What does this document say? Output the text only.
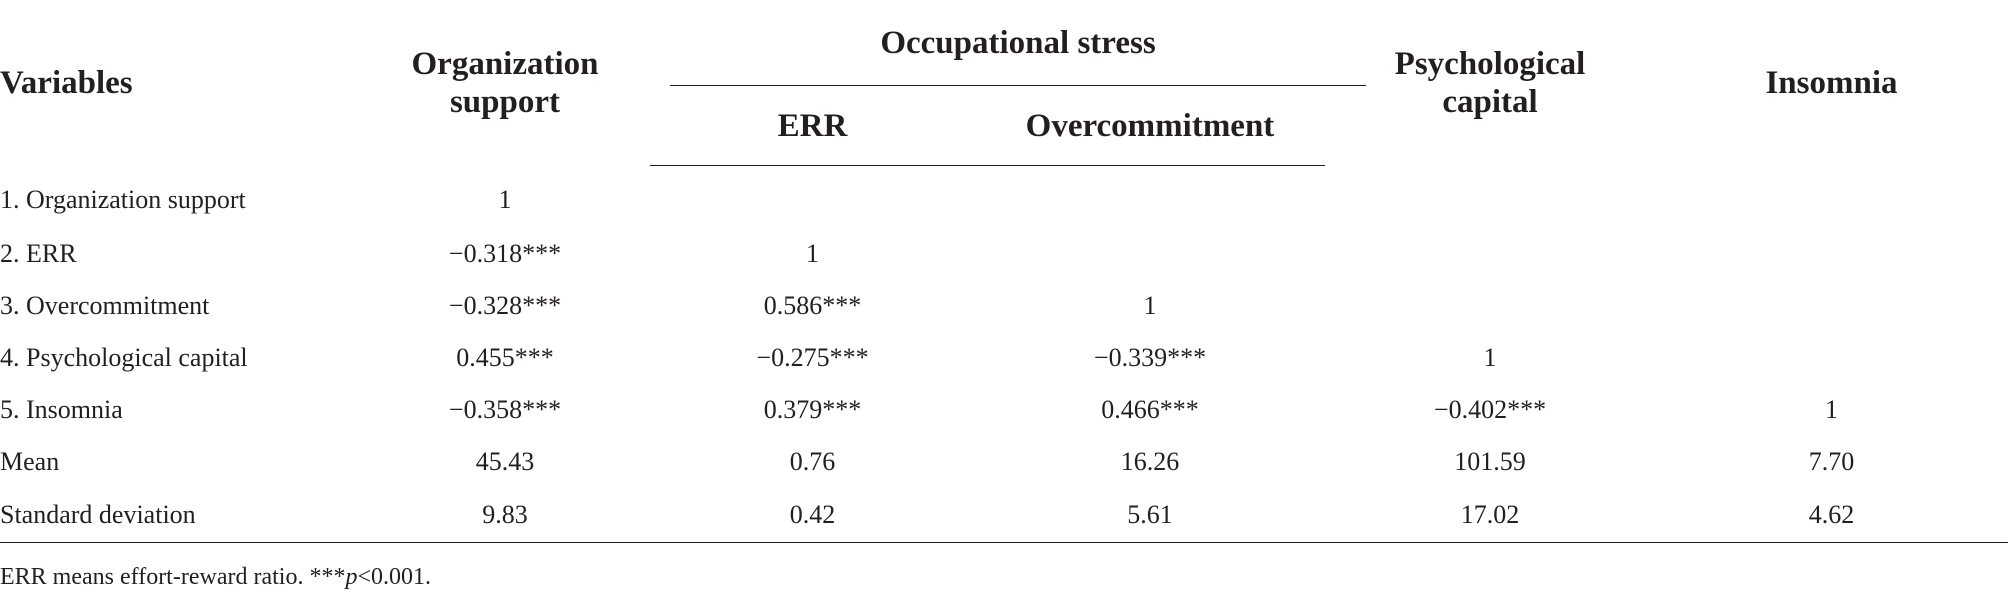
Variables	Organization support	Occupational stress		Psychological capital	Insomnia
		ERR	Overcommitment		
1. Organization support	1				
2. ERR	−0.318***	1			
3. Overcommitment	−0.328***	0.586***	1		
4. Psychological capital	0.455***	−0.275***	−0.339***	1	
5. Insomnia	−0.358***	0.379***	0.466***	−0.402***	1
Mean	45.43	0.76	16.26	101.59	7.70
Standard deviation	9.83	0.42	5.61	17.02	4.62
ERR means effort-reward ratio. ***p<0.001.
